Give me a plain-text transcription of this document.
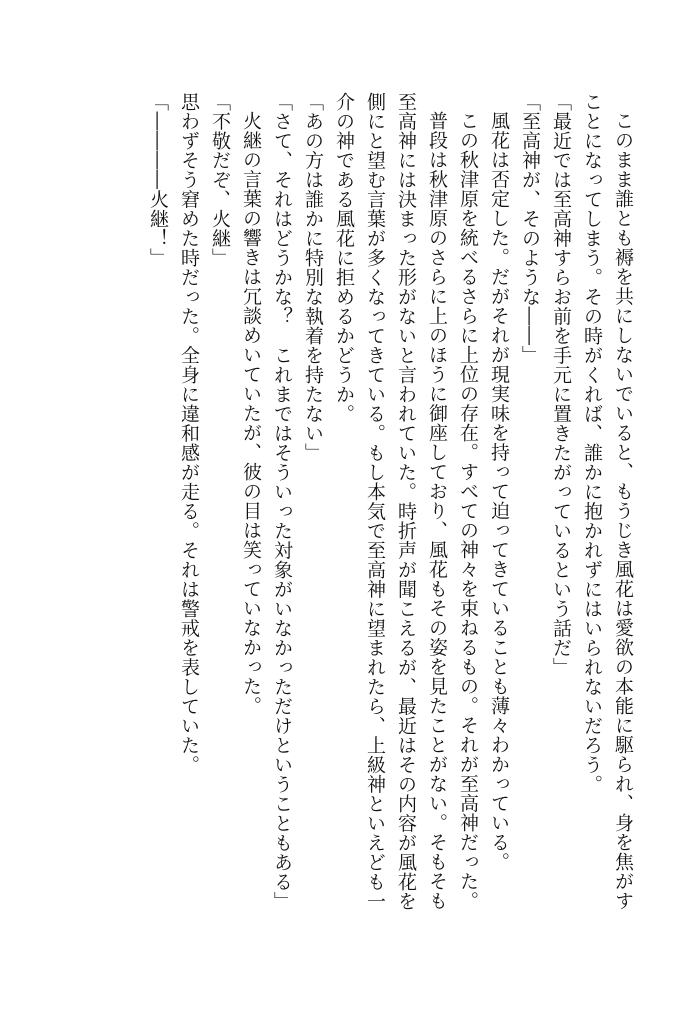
このまま誰とも褥を共にしないでいると、もうじき風花は愛欲の本能に駆られ、身を焦がす
ことになってしまう。その時がくれば、誰かに抱かれずにはいられないだろう。
「最近では至高神すらお前を手元に置きたがっているという話だ」
「至高神が、そのような――」
風花は否定した。だがそれが現実味を持って迫ってきていることも薄々わかっている。
この秋津原を統べるさらに上位の存在。すべての神々を束ねるもの。それが至高神だった。
普段は秋津原のさらに上のほうに御座しており、風花もその姿を見たことがない。そもそも
至高神には決まった形がないと言われていた。時折声が聞こえるが、最近はその内容が風花を
側にと望む言葉が多くなってきている。もし本気で至高神に望まれたら、上級神といえども一
介の神である風花に拒めるかどうか。
「あの方は誰かに特別な執着を持たない」
「さて、それはどうかな？　これまではそういった対象がいなかっただけということもある」
火継の言葉の響きは冗談めいていたが、彼の目は笑っていなかった。
「不敬だぞ、火継」
思わずそう窘めた時だった。全身に違和感が走る。それは警戒を表していた。
「――――火継！」
